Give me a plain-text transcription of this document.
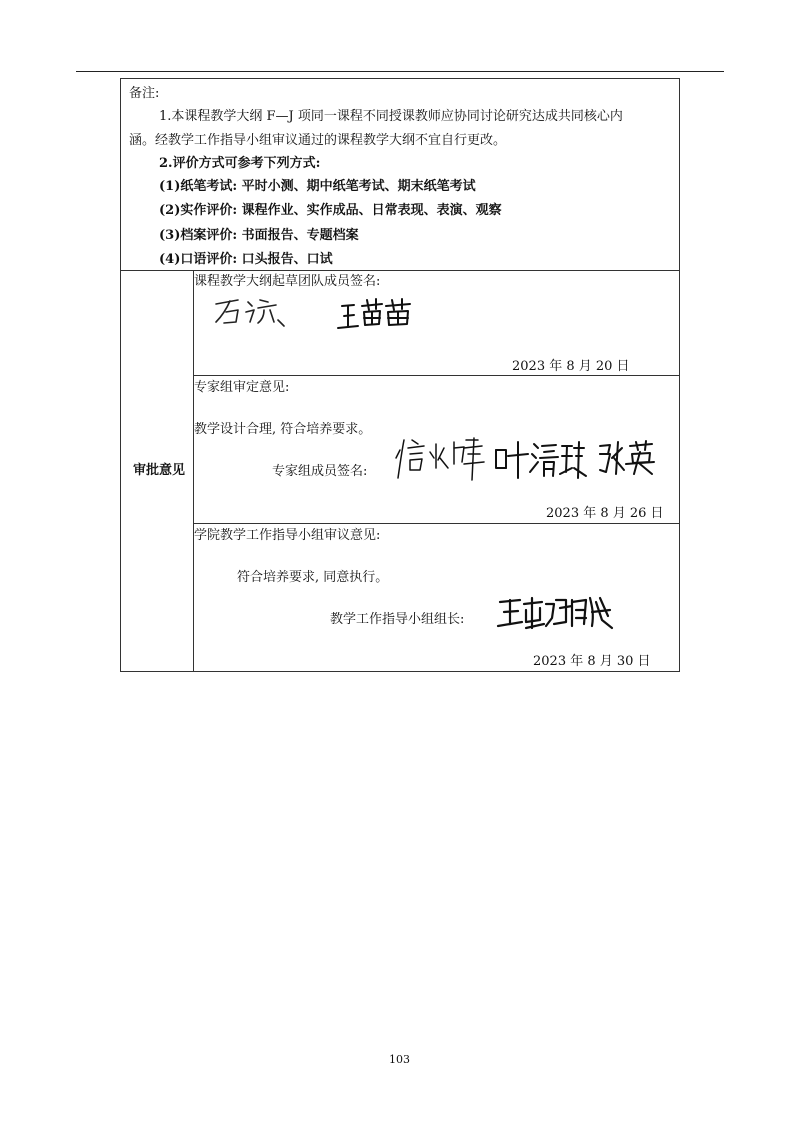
备注:
1.本课程教学大纲 F—J 项同一课程不同授课教师应协同讨论研究达成共同核心内
涵。经教学工作指导小组审议通过的课程教学大纲不宜自行更改。
2.评价方式可参考下列方式:
(1)纸笔考试: 平时小测、期中纸笔考试、期末纸笔考试
(2)实作评价: 课程作业、实作成品、日常表现、表演、观察
(3)档案评价: 书面报告、专题档案
(4)口语评价: 口头报告、口试
审批意见
课程教学大纲起草团队成员签名:
2023 年 8 月 20 日
专家组审定意见:
教学设计合理, 符合培养要求。
专家组成员签名:
2023 年 8 月 26 日
学院教学工作指导小组审议意见:
符合培养要求, 同意执行。
教学工作指导小组组长:
2023 年 8 月 30 日
103
